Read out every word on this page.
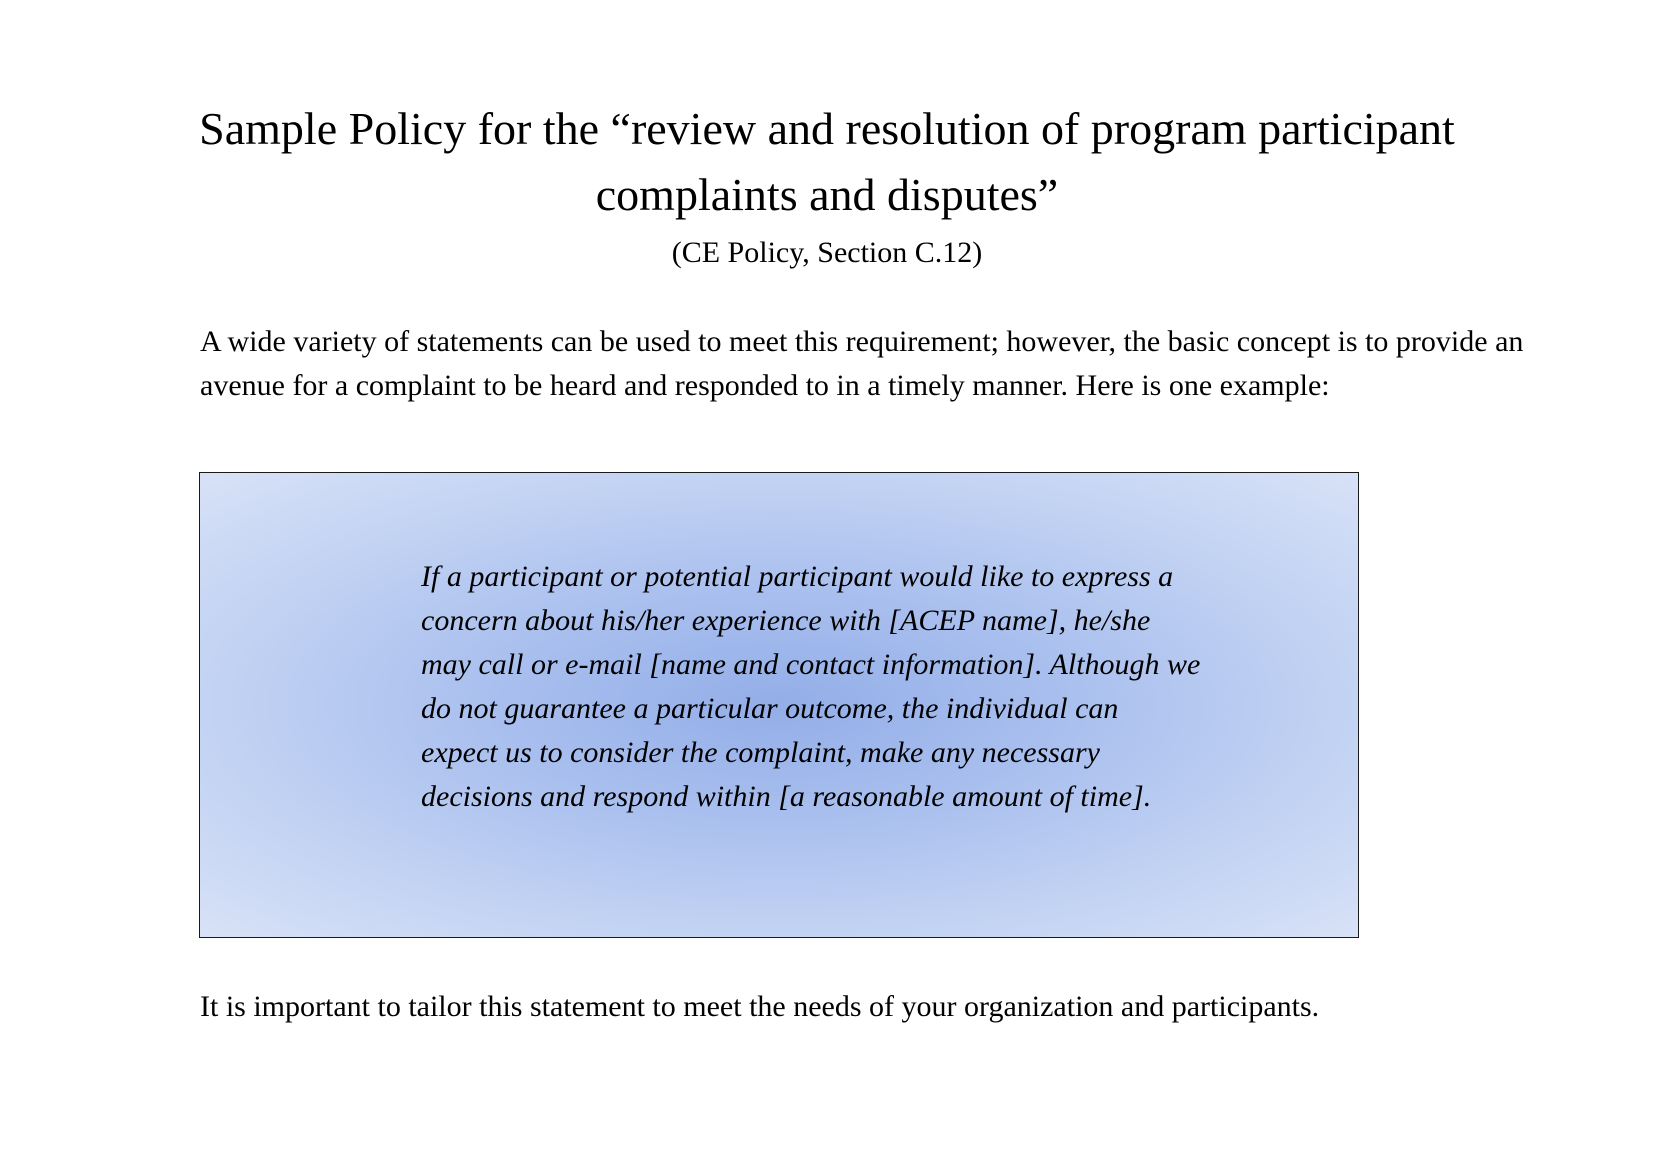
Sample Policy for the “review and resolution of program participant complaints and disputes”

(CE Policy, Section C.12)

A wide variety of statements can be used to meet this requirement; however, the basic concept is to provide an avenue for a complaint to be heard and responded to in a timely manner. Here is one example:

If a participant or potential participant would like to express a concern about his/her experience with [ACEP name], he/she may call or e-mail [name and contact information]. Although we do not guarantee a particular outcome, the individual can expect us to consider the complaint, make any necessary decisions and respond within [a reasonable amount of time].

It is important to tailor this statement to meet the needs of your organization and participants.
